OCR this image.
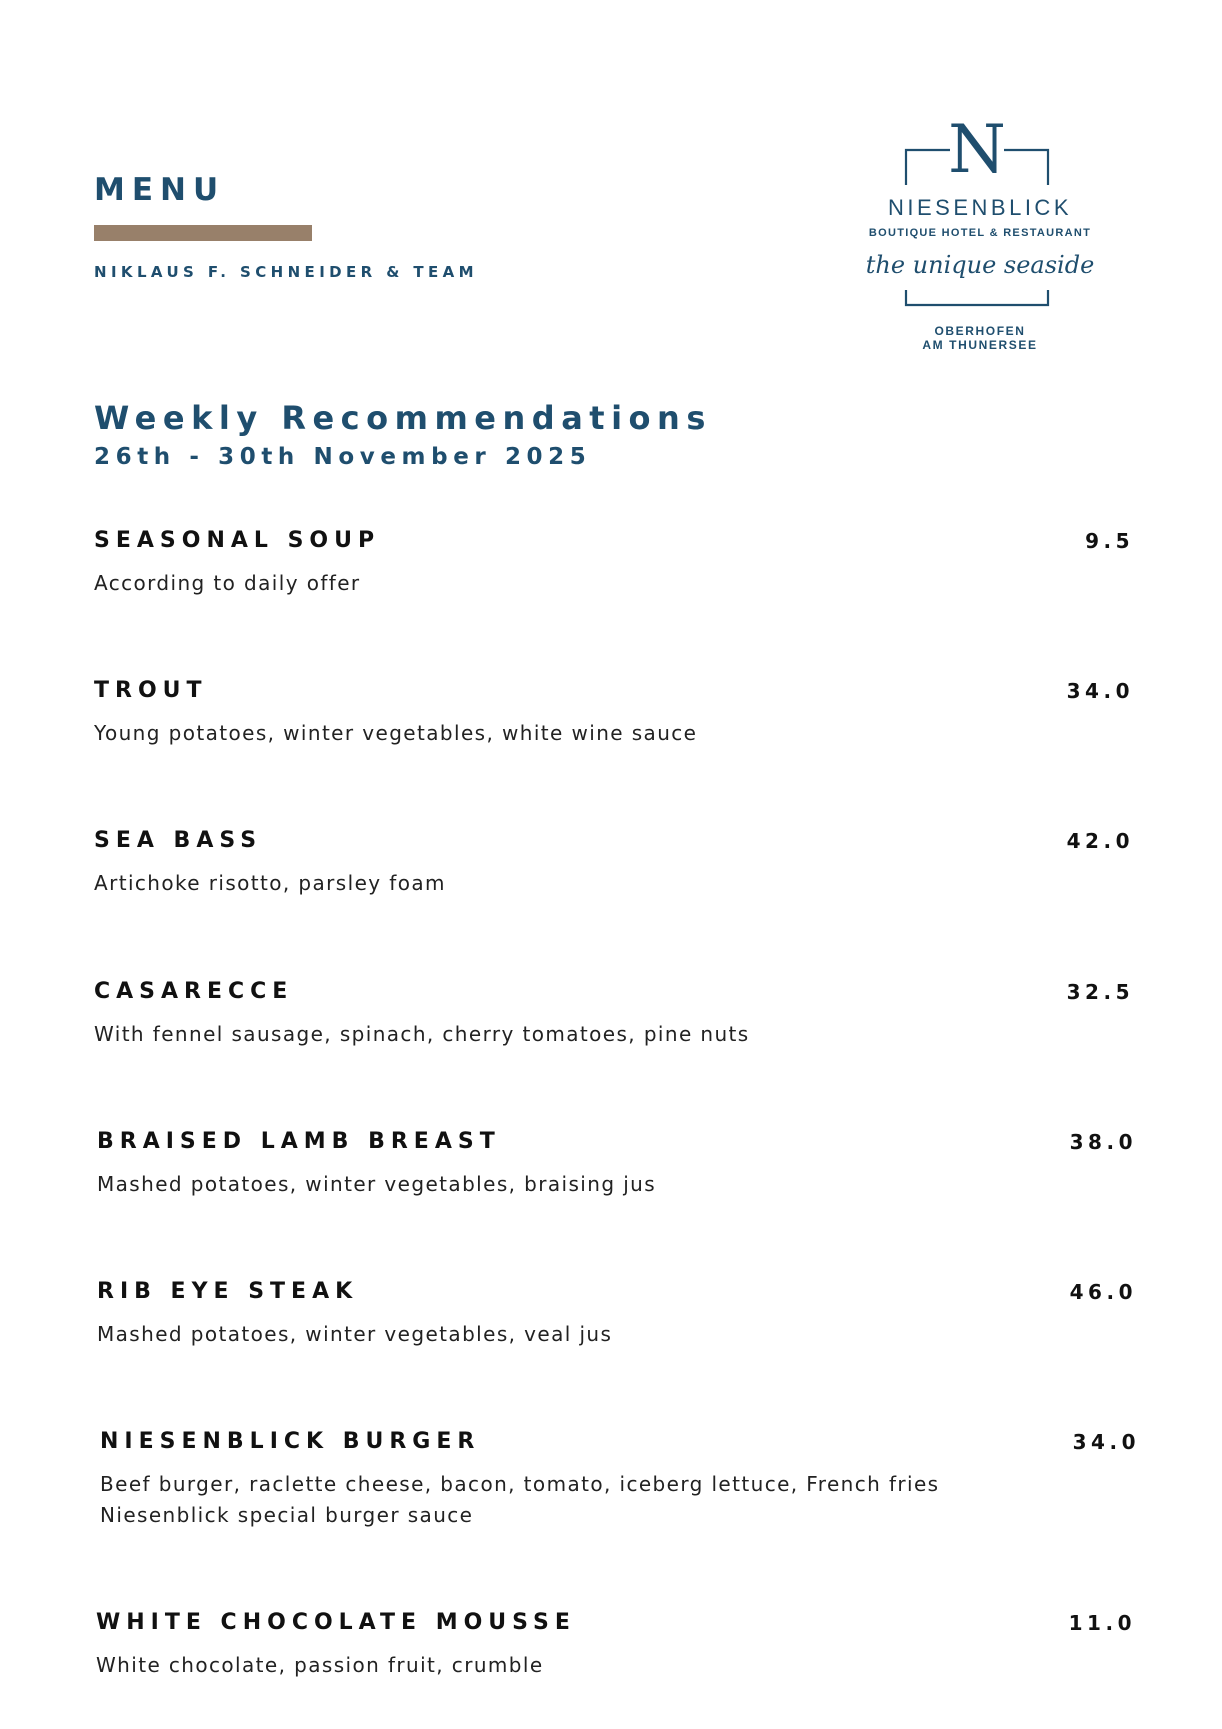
MENU
NIKLAUS F. SCHNEIDER & TEAM
N
NIESENBLICK
BOUTIQUE HOTEL & RESTAURANT
the unique seaside
OBERHOFEN
AM THUNERSEE
Weekly Recommendations
26th - 30th November 2025
SEASONAL SOUP	9.5
According to daily offer
TROUT	34.0
Young potatoes, winter vegetables, white wine sauce
SEA BASS	42.0
Artichoke risotto, parsley foam
CASARECCE	32.5
With fennel sausage, spinach, cherry tomatoes, pine nuts
BRAISED LAMB BREAST	38.0
Mashed potatoes, winter vegetables, braising jus
RIB EYE STEAK	46.0
Mashed potatoes, winter vegetables, veal jus
NIESENBLICK BURGER	34.0
Beef burger, raclette cheese, bacon, tomato, iceberg lettuce, French fries
Niesenblick special burger sauce
WHITE CHOCOLATE MOUSSE	11.0
White chocolate, passion fruit, crumble
